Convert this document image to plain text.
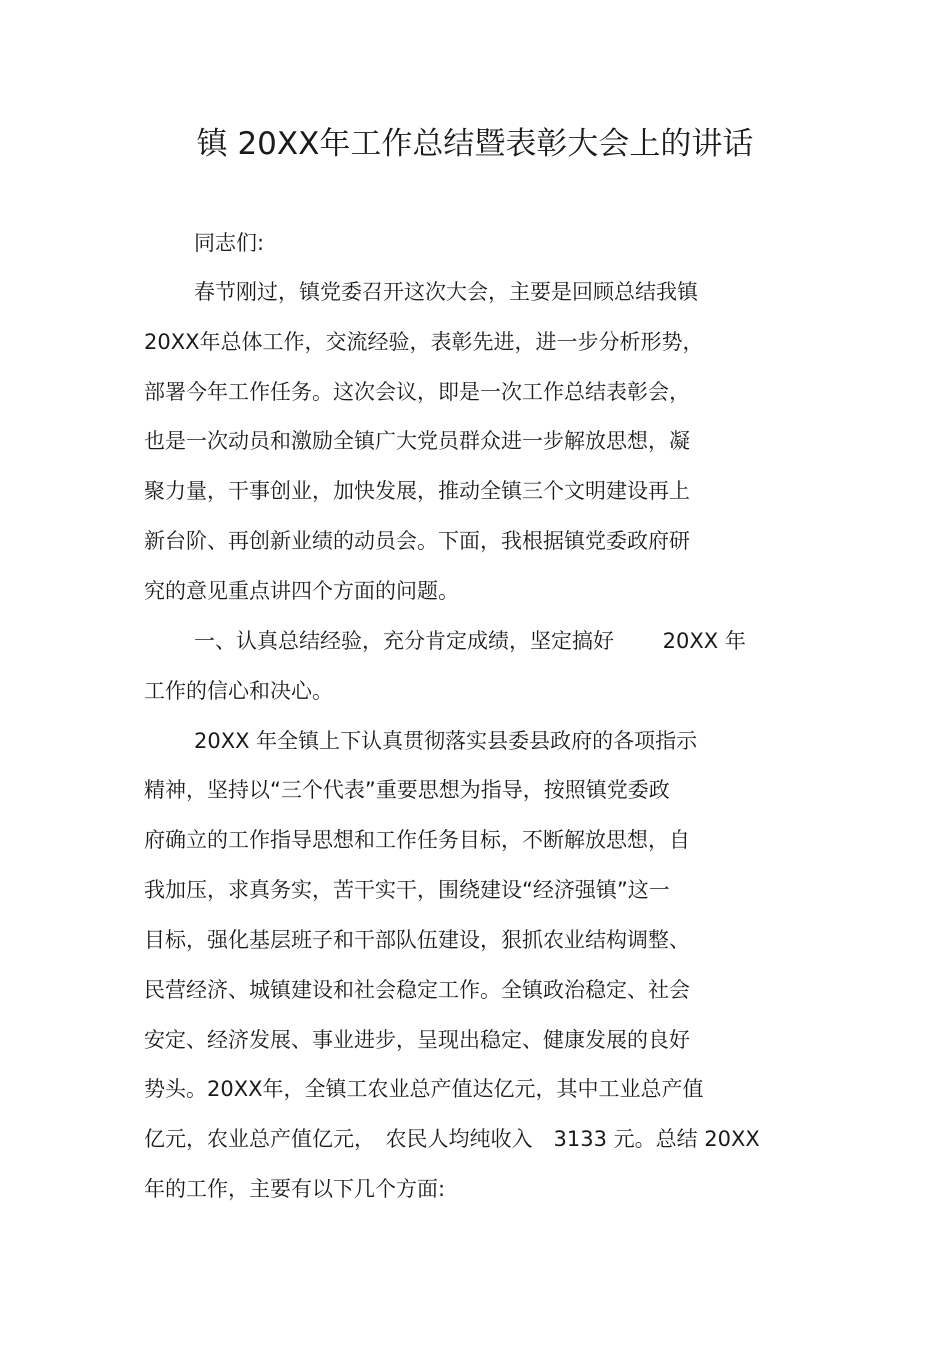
镇 20XX年工作总结暨表彰大会上的讲话
同志们:
春节刚过，镇党委召开这次大会，主要是回顾总结我镇
20XX年总体工作，交流经验，表彰先进，进一步分析形势，
部署今年工作任务。这次会议，即是一次工作总结表彰会，
也是一次动员和激励全镇广大党员群众进一步解放思想，凝
聚力量，干事创业，加快发展，推动全镇三个文明建设再上
新台阶、再创新业绩的动员会。下面，我根据镇党委政府研
究的意见重点讲四个方面的问题。
一、认真总结经验，充分肯定成绩，坚定搞好　　 20XX 年
工作的信心和决心。
20XX 年全镇上下认真贯彻落实县委县政府的各项指示
精神，坚持以“三个代表”重要思想为指导，按照镇党委政
府确立的工作指导思想和工作任务目标，不断解放思想，自
我加压，求真务实，苦干实干，围绕建设“经济强镇”这一
目标，强化基层班子和干部队伍建设，狠抓农业结构调整、
民营经济、城镇建设和社会稳定工作。全镇政治稳定、社会
安定、经济发展、事业进步，呈现出稳定、健康发展的良好
势头。20XX年，全镇工农业总产值达亿元，其中工业总产值
亿元，农业总产值亿元，　农民人均纯收入　3133 元。总结 20XX
年的工作，主要有以下几个方面:
